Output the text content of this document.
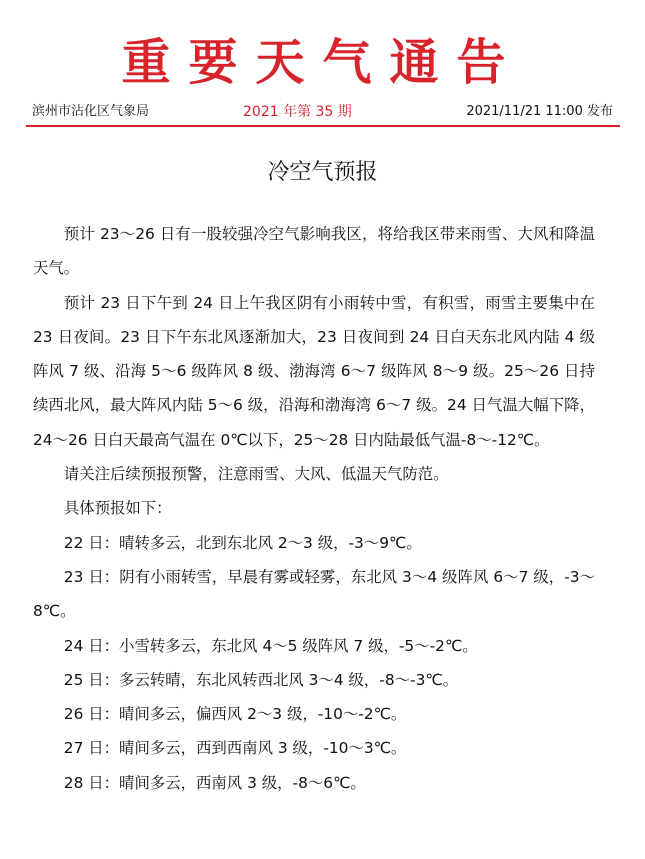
重要天气通告
滨州市沾化区气象局	2021 年第 35 期	2021/11/21 11:00 发布
冷空气预报

预计 23～26 日有一股较强冷空气影响我区，将给我区带来雨雪、大风和降温天气。

预计 23 日下午到 24 日上午我区阴有小雨转中雪，有积雪，雨雪主要集中在 23 日夜间。23 日下午东北风逐渐加大，23 日夜间到 24 日白天东北风内陆 4 级阵风 7 级、沿海 5～6 级阵风 8 级、渤海湾 6～7 级阵风 8～9 级。25～26 日持续西北风，最大阵风内陆 5～6 级，沿海和渤海湾 6～7 级。24 日气温大幅下降，24～26 日白天最高气温在 0℃以下，25～28 日内陆最低气温-8～-12℃。

请关注后续预报预警，注意雨雪、大风、低温天气防范。

具体预报如下：

22 日：晴转多云，北到东北风 2～3 级，-3～9℃。

23 日：阴有小雨转雪，早晨有雾或轻雾，东北风 3～4 级阵风 6～7 级，-3～8℃。

24 日：小雪转多云，东北风 4～5 级阵风 7 级，-5～-2℃。

25 日：多云转晴，东北风转西北风 3～4 级，-8～-3℃。

26 日：晴间多云，偏西风 2～3 级，-10～-2℃。

27 日：晴间多云，西到西南风 3 级，-10～3℃。

28 日：晴间多云，西南风 3 级，-8～6℃。
